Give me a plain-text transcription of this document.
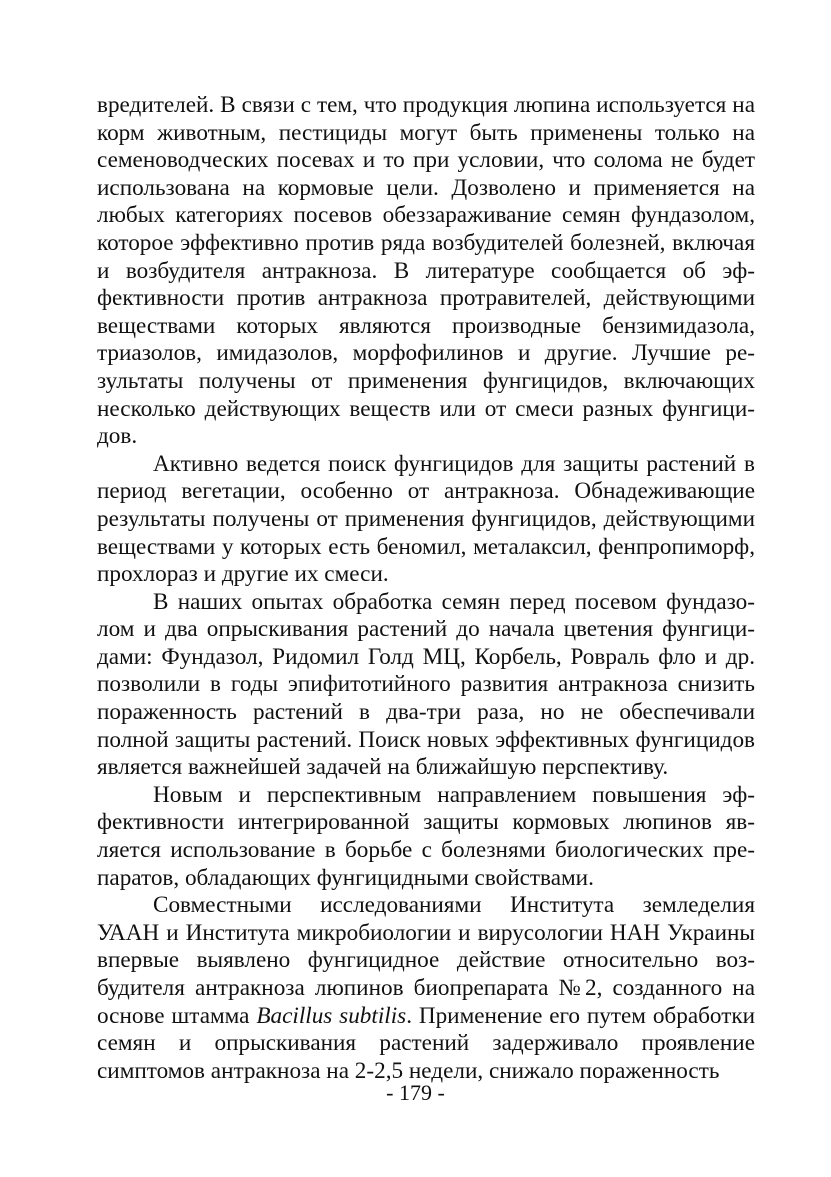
вредителей. В связи с тем, что продукция люпина используется на корм животным, пестициды могут быть применены только на семеноводческих посевах и то при условии, что солома не будет использована на кормовые цели. Дозволено и применяется на любых категориях посевов обеззараживание семян фундазолом, которое эффективно против ряда возбудителей болезней, включая и возбудителя антракноза. В литературе сообщается об эффективности против антракноза протравителей, действующими веществами которых являются производные бензимидазола, триазолов, имидазолов, морфофилинов и другие. Лучшие результаты получены от применения фунгицидов, включающих несколько действующих веществ или от смеси разных фунгицидов.

Активно ведется поиск фунгицидов для защиты растений в период вегетации, особенно от антракноза. Обнадеживающие результаты получены от применения фунгицидов, действующими веществами у которых есть беномил, металаксил, фенпропиморф, прохлораз и другие их смеси.

В наших опытах обработка семян перед посевом фундазолом и два опрыскивания растений до начала цветения фунгицидами: Фундазол, Ридомил Голд МЦ, Корбель, Ровраль фло и др. позволили в годы эпифитотийного развития антракноза снизить пораженность растений в два-три раза, но не обеспечивали полной защиты растений. Поиск новых эффективных фунгицидов является важнейшей задачей на ближайшую перспективу.

Новым и перспективным направлением повышения эффективности интегрированной защиты кормовых люпинов является использование в борьбе с болезнями биологических препаратов, обладающих фунгицидными свойствами.

Совместными исследованиями Института земледелия УААН и Института микробиологии и вирусологии НАН Украины впервые выявлено фунгицидное действие относительно возбудителя антракноза люпинов биопрепарата №2, созданного на основе штамма Bacillus subtilis. Применение его путем обработки семян и опрыскивания растений задерживало проявление симптомов антракноза на 2-2,5 недели, снижало пораженность

- 179 -
